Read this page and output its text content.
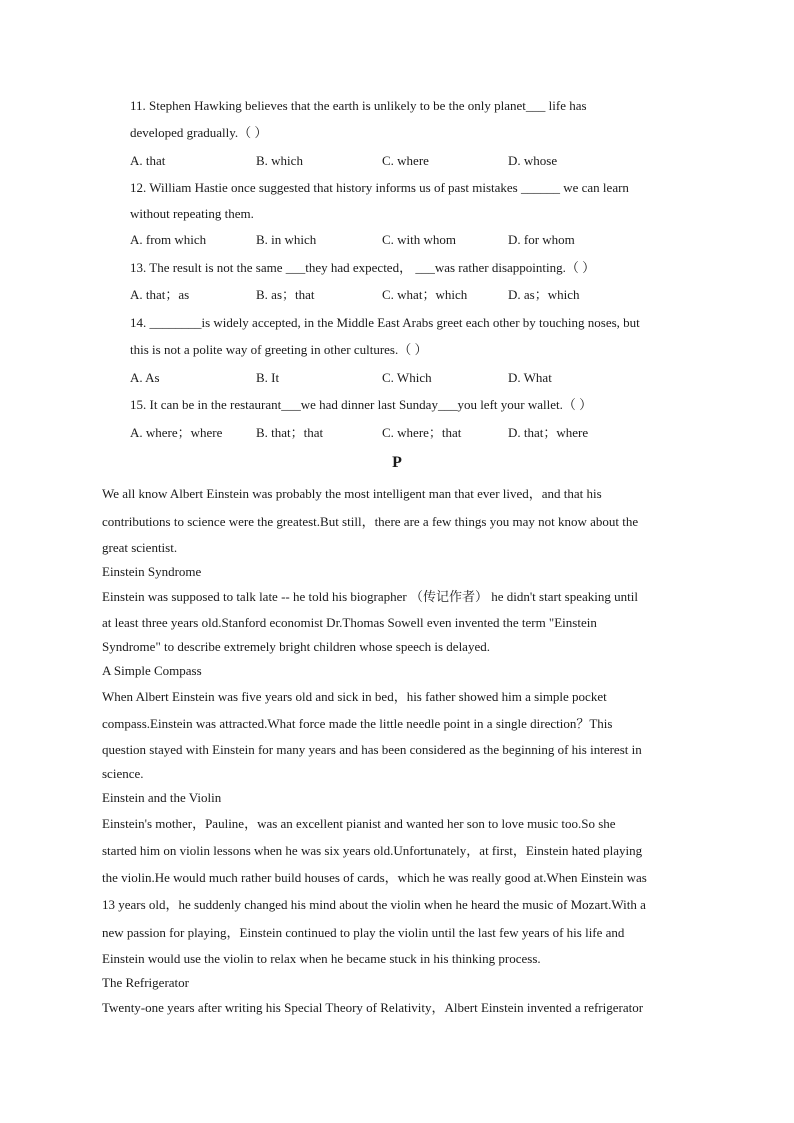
11. Stephen Hawking believes that the earth is unlikely to be the only planet___ life has
developed gradually.（ ）
A. that	B. which	C. where	D. whose
12. William Hastie once suggested that history informs us of past mistakes ______ we can learn
without repeating them.
A. from which	B. in which	C. with whom	D. for whom
13. The result is not the same ___they had expected， ___was rather disappointing.（ ）
A. that；as	B. as；that	C. what；which	D. as；which
14. ________is widely accepted, in the Middle East Arabs greet each other by touching noses, but
this is not a polite way of greeting in other cultures.（ ）
A. As	B. It	C. Which	D. What
15. It can be in the restaurant___we had dinner last Sunday___you left your wallet.（ ）
A. where；where	B. that；that	C. where；that	D. that；where
P
We all know Albert Einstein was probably the most intelligent man that ever lived，and that his
contributions to science were the greatest.But still，there are a few things you may not know about the
great scientist.
Einstein Syndrome
Einstein was supposed to talk late -- he told his biographer （传记作者） he didn't start speaking until
at least three years old.Stanford economist Dr.Thomas Sowell even invented the term "Einstein
Syndrome" to describe extremely bright children whose speech is delayed.
A Simple Compass
When Albert Einstein was five years old and sick in bed，his father showed him a simple pocket
compass.Einstein was attracted.What force made the little needle point in a single direction？This
question stayed with Einstein for many years and has been considered as the beginning of his interest in
science.
Einstein and the Violin
Einstein's mother，Pauline，was an excellent pianist and wanted her son to love music too.So she
started him on violin lessons when he was six years old.Unfortunately，at first，Einstein hated playing
the violin.He would much rather build houses of cards，which he was really good at.When Einstein was
13 years old，he suddenly changed his mind about the violin when he heard the music of Mozart.With a
new passion for playing，Einstein continued to play the violin until the last few years of his life and
Einstein would use the violin to relax when he became stuck in his thinking process.
The Refrigerator
Twenty-one years after writing his Special Theory of Relativity，Albert Einstein invented a refrigerator
